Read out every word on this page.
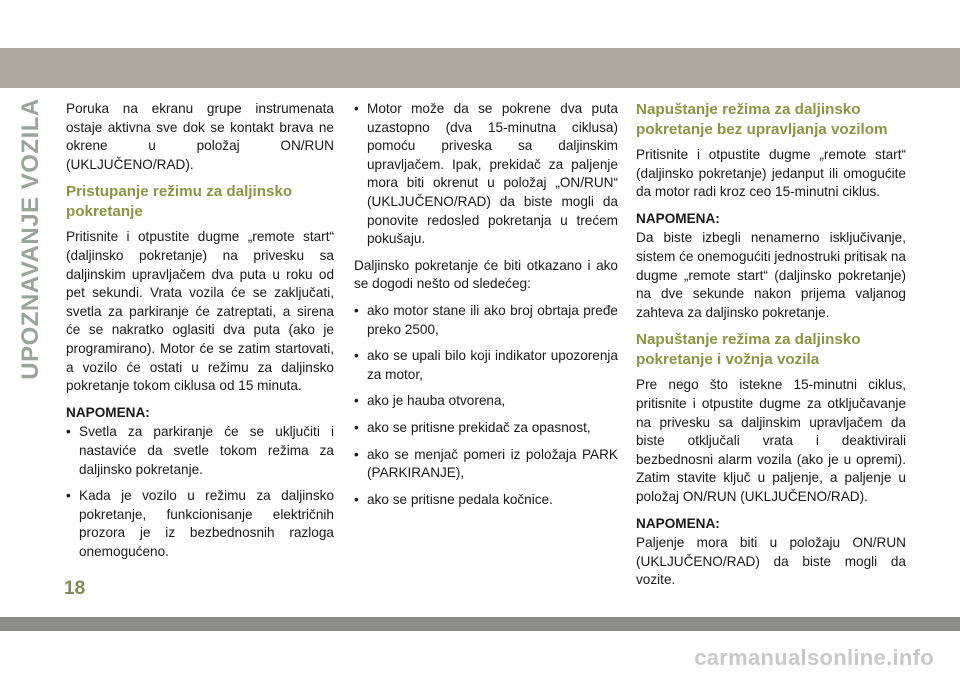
UPOZNAVANJE VOZILA Poruka na ekranu grupe instrumenata ostaje aktivna sve dok se kontakt brava ne okrene u položaj ON/RUN (UKLJUČENO/RAD).

Pristupanje režimu za daljinsko pokretanje

Pritisnite i otpustite dugme „remote start“ (daljinsko pokretanje) na privesku sa daljinskim upravljačem dva puta u roku od pet sekundi. Vrata vozila će se zaključati, svetla za parkiranje će zatreptati, a sirena će se nakratko oglasiti dva puta (ako je programirano). Motor će se zatim startovati, a vozilo će ostati u režimu za daljinsko pokretanje tokom ciklusa od 15 minuta.

NAPOMENA:

• Svetla za parkiranje će se uključiti i nastaviće da svetle tokom režima za daljinsko pokretanje.
• Kada je vozilo u režimu za daljinsko pokretanje, funkcionisanje električnih prozora je iz bezbednosnih razloga onemogućeno.
• Motor može da se pokrene dva puta uzastopno (dva 15-minutna ciklusa) pomoću priveska sa daljinskim upravljačem. Ipak, prekidač za paljenje mora biti okrenut u položaj „ON/RUN“ (UKLJUČENO/RAD) da biste mogli da ponovite redosled pokretanja u trećem pokušaju.

Daljinsko pokretanje će biti otkazano i ako se dogodi nešto od sledećeg:

• ako motor stane ili ako broj obrtaja pređe preko 2500,
• ako se upali bilo koji indikator upozorenja za motor,
• ako je hauba otvorena,
• ako se pritisne prekidač za opasnost,
• ako se menjač pomeri iz položaja PARK (PARKIRANJE),
• ako se pritisne pedala kočnice.
Napuštanje režima za daljinsko pokretanje bez upravljanja vozilom

Pritisnite i otpustite dugme „remote start“ (daljinsko pokretanje) jedanput ili omogućite da motor radi kroz ceo 15-minutni ciklus.

NAPOMENA:

Da biste izbegli nenamerno isključivanje, sistem će onemogućiti jednostruki pritisak na dugme „remote start“ (daljinsko pokretanje) na dve sekunde nakon prijema valjanog zahteva za daljinsko pokretanje.

Napuštanje režima za daljinsko pokretanje i vožnja vozila

Pre nego što istekne 15-minutni ciklus, pritisnite i otpustite dugme za otključavanje na privesku sa daljinskim upravljačem da biste otključali vrata i deaktivirali bezbednosni alarm vozila (ako je u opremi). Zatim stavite ključ u paljenje, a paljenje u položaj ON/RUN (UKLJUČENO/RAD).

NAPOMENA:

Paljenje mora biti u položaju ON/RUN (UKLJUČENO/RAD) da biste mogli da vozite.

18
carmanualsonline.info
